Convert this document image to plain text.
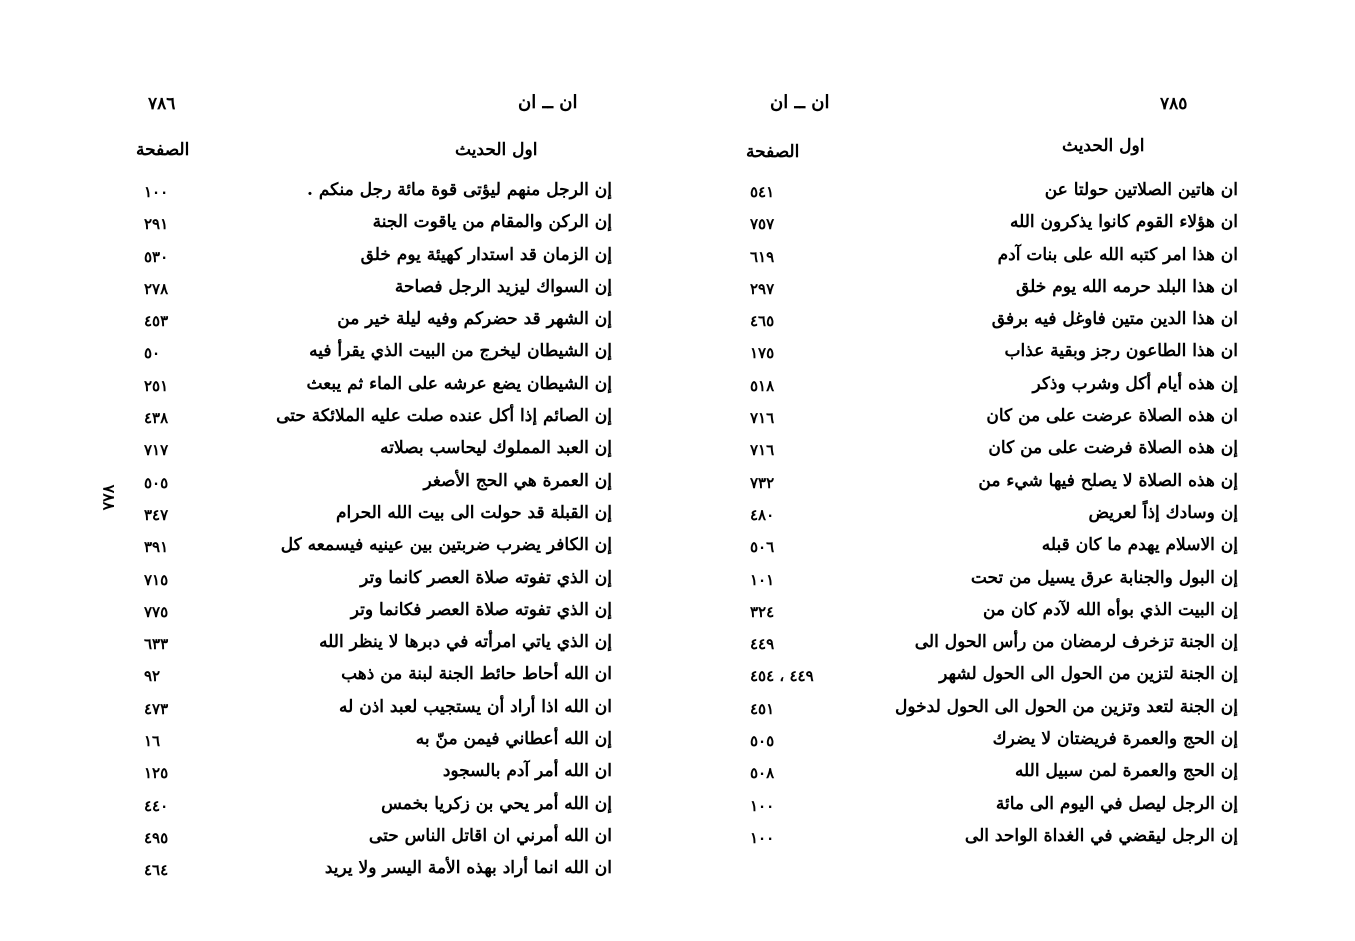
٧٨٦	ان ــ ان
اول الحديث
الصفحة
إن الرجل منهم ليؤتى قوة مائة رجل منكم .
١٠٠
إن الركن والمقام من ياقوت الجنة
٢٩١
إن الزمان قد استدار كهيئة يوم خلق
٥٣٠
إن السواك ليزيد الرجل فصاحة
٢٧٨
إن الشهر قد حضركم وفيه ليلة خير من
٤٥٣
إن الشيطان ليخرج من البيت الذي يقرأ فيه
٥٠
إن الشيطان يضع عرشه على الماء ثم يبعث
٢٥١
إن الصائم إذا أكل عنده صلت عليه الملائكة حتى
٤٣٨
إن العبد المملوك ليحاسب بصلاته
٧١٧
إن العمرة هي الحج الأصغر
٥٠٥
إن القبلة قد حولت الى بيت الله الحرام
٣٤٧
إن الكافر يضرب ضربتين بين عينيه فيسمعه كل
٣٩١
إن الذي تفوته صلاة العصر كانما وتر
٧١٥
إن الذي تفوته صلاة العصر فكانما وتر
٧٧٥
إن الذي ياتي امرأته في دبرها لا ينظر الله
٦٣٣
ان الله أحاط حائط الجنة لبنة من ذهب
٩٢
ان الله اذا أراد أن يستجيب لعبد اذن له
٤٧٣
إن الله أعطاني فيمن منّ به
١٦
ان الله أمر آدم بالسجود
١٢٥
إن الله أمر يحي بن زكريا بخمس
٤٤٠
ان الله أمرني ان اقاتل الناس حتى
٤٩٥
ان الله انما أراد بهذه الأمة اليسر ولا يريد
٤٦٤
٧٨٥
ان ــ ان
اول الحديث
الصفحة
ان هاتين الصلاتين حولتا عن
٥٤١
ان هؤلاء القوم كانوا يذكرون الله
٧٥٧
ان هذا امر كتبه الله على بنات آدم
٦١٩
ان هذا البلد حرمه الله يوم خلق
٢٩٧
ان هذا الدين متين فاوغل فيه برفق
٤٦٥
ان هذا الطاعون رجز وبقية عذاب
١٧٥
إن هذه أيام أكل وشرب وذكر
٥١٨
ان هذه الصلاة عرضت على من كان
٧١٦
إن هذه الصلاة فرضت على من كان
٧١٦
إن هذه الصلاة لا يصلح فيها شيء من
٧٣٢
إن وسادك إذاً لعريض
٤٨٠
إن الاسلام يهدم ما كان قبله
٥٠٦
إن البول والجنابة عرق يسيل من تحت
١٠١
إن البيت الذي بوأه الله لآدم كان من
٣٢٤
إن الجنة تزخرف لرمضان من رأس الحول الى
٤٤٩
إن الجنة لتزين من الحول الى الحول لشهر
٤٤٩ ، ٤٥٤
إن الجنة لتعد وتزين من الحول الى الحول لدخول
٤٥١
إن الحج والعمرة فريضتان لا يضرك
٥٠٥
إن الحج والعمرة لمن سبيل الله
٥٠٨
إن الرجل ليصل في اليوم الى مائة
١٠٠
إن الرجل ليقضي في الغداة الواحد الى
١٠٠
٧٨٨
